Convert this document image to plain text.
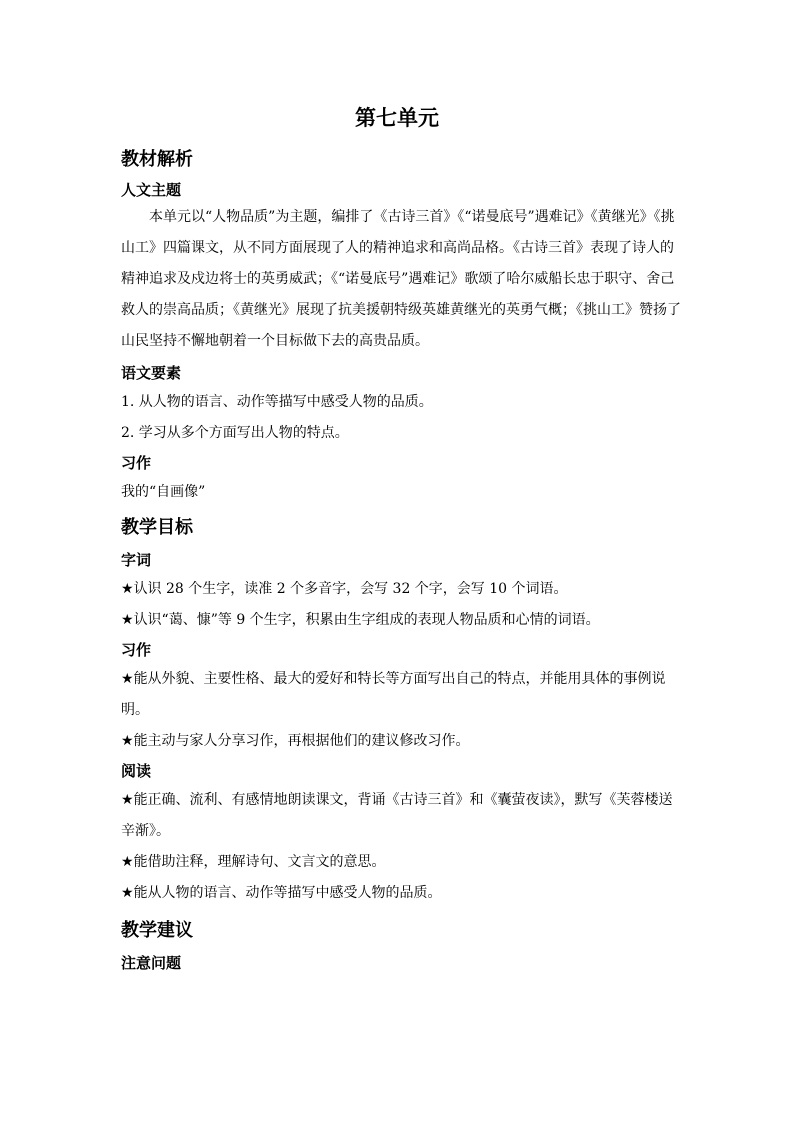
第七单元
教材解析
人文主题
本单元以“人物品质”为主题，编排了《古诗三首》《“诺曼底号”遇难记》《黄继光》《挑山工》四篇课文，从不同方面展现了人的精神追求和高尚品格。《古诗三首》表现了诗人的精神追求及戍边将士的英勇威武；《“诺曼底号”遇难记》歌颂了哈尔威船长忠于职守、舍己救人的崇高品质；《黄继光》展现了抗美援朝特级英雄黄继光的英勇气概；《挑山工》赞扬了山民坚持不懈地朝着一个目标做下去的高贵品质。
语文要素
1. 从人物的语言、动作等描写中感受人物的品质。
2. 学习从多个方面写出人物的特点。
习作
我的“自画像”
教学目标
字词
★认识 28 个生字，读准 2 个多音字，会写 32 个字，会写 10 个词语。
★认识“蔼、慷”等 9 个生字，积累由生字组成的表现人物品质和心情的词语。
习作
★能从外貌、主要性格、最大的爱好和特长等方面写出自己的特点，并能用具体的事例说明。
★能主动与家人分享习作，再根据他们的建议修改习作。
阅读
★能正确、流利、有感情地朗读课文，背诵《古诗三首》和《囊萤夜读》，默写《芙蓉楼送辛渐》。
★能借助注释，理解诗句、文言文的意思。
★能从人物的语言、动作等描写中感受人物的品质。
教学建议
注意问题
